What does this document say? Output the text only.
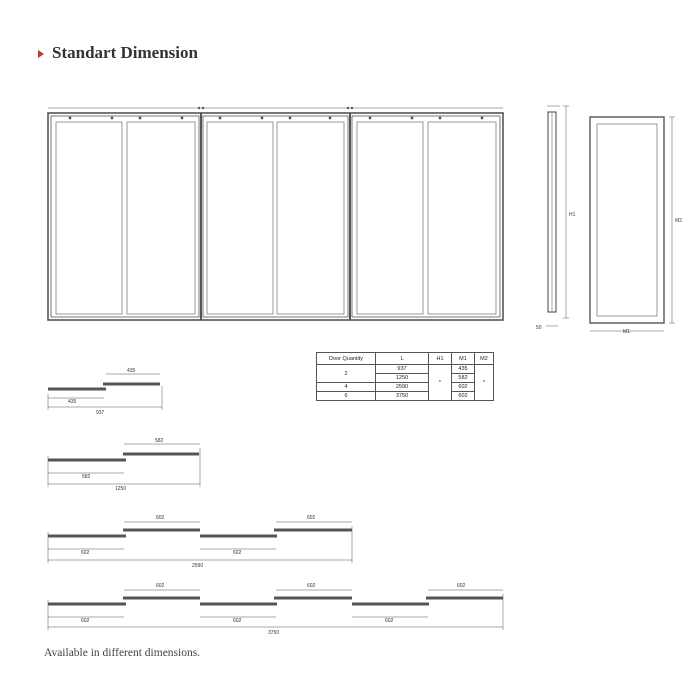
Standart Dimension
H1
M2
50
M1
435
435
937
582
582
1250
602	602
602	602
2590
602	602	602
602	602	602
3750
Door Quantity	L	H1	M1	M2
2	937	*	435	*
	1250		582	
4	2590		602	
6	3750		602	
Available in different dimensions.
